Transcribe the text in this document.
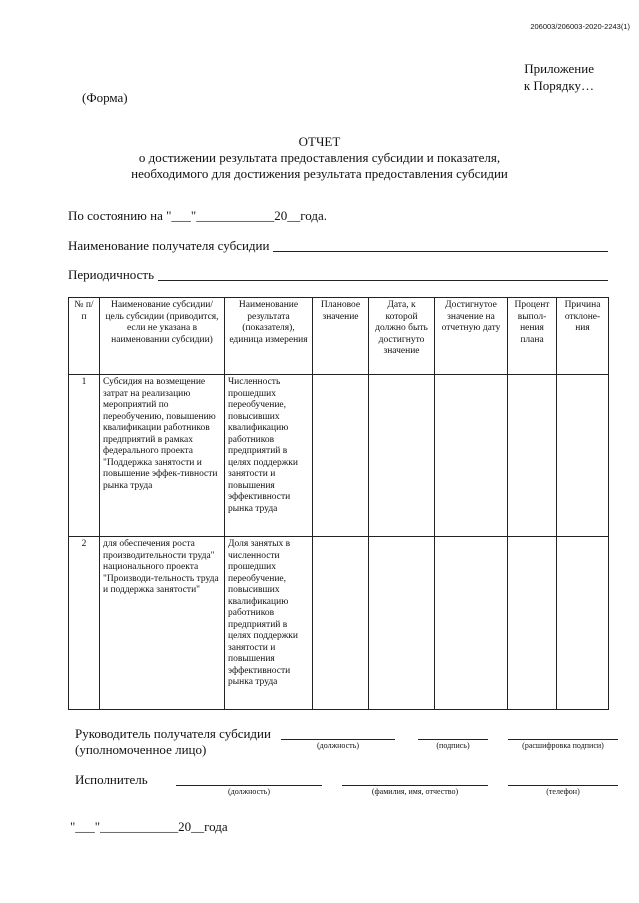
206003/206003-2020-2243(1)
Приложение
к Порядку…
(Форма)
ОТЧЕТ
о достижении результата предоставления субсидии и показателя,
необходимого для достижения результата предоставления субсидии
По состоянию на "___"____________20__года.
Наименование получателя субсидии
Периодичность
№ п/п	Наименование субсидии/цель субсидии (приводится, если не указана в наименовании субсидии)	Наименование результата (показателя), единица измерения	Плановое значение	Дата, к которой должно быть достигнуто значение	Достигнутое значение на отчетную дату	Процент выпол-нения плана	Причина отклоне-ния
1	Субсидия на возмещение затрат на реализацию мероприятий по переобучению, повышению квалификации работников предприятий в рамках федерального проекта "Поддержка занятости и повышение эффек-тивности рынка труда	Численность прошедших переобучение, повысивших квалификацию работников предприятий в целях поддержки занятости и повышения эффективности рынка труда					
2	для обеспечения роста производительности труда" национального проекта "Производи-тельность труда и поддержка занятости"	Доля занятых в численности прошедших переобучение, повысивших квалификацию работников предприятий в целях поддержки занятости и повышения эффективности рынка труда					
Руководитель получателя субсидии
(уполномоченное лицо)	(должность)	(подпись)	(расшифровка подписи)
Исполнитель
(должность)	(фамилия, имя, отчество)	(телефон)
"___"____________20__года
